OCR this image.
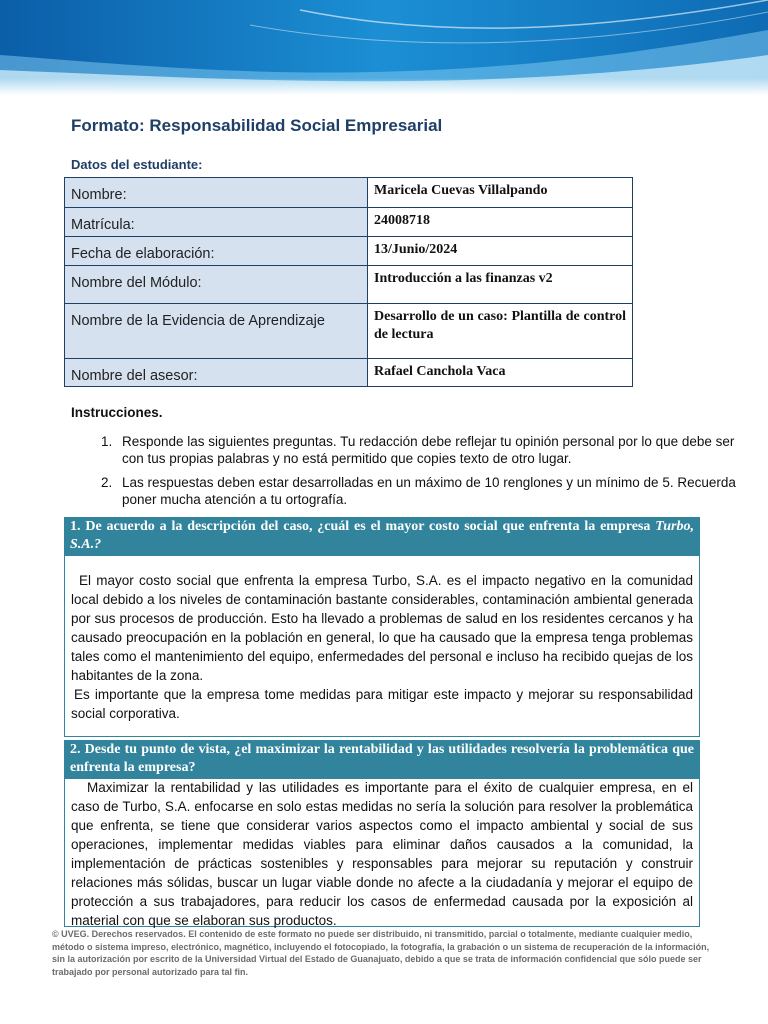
Formato: Responsabilidad Social Empresarial
Datos del estudiante:
Nombre:	Maricela Cuevas Villalpando
Matrícula:	24008718
Fecha de elaboración:	13/Junio/2024
Nombre del Módulo:	Introducción a las finanzas v2
Nombre de la Evidencia de Aprendizaje	Desarrollo de un caso: Plantilla de control de lectura
Nombre del asesor:	Rafael Canchola Vaca
Instrucciones.
1. Responde las siguientes preguntas. Tu redacción debe reflejar tu opinión personal por lo que debe ser con tus propias palabras y no está permitido que copies texto de otro lugar.
2. Las respuestas deben estar desarrolladas en un máximo de 10 renglones y un mínimo de 5. Recuerda poner mucha atención a tu ortografía.
1. De acuerdo a la descripción del caso, ¿cuál es el mayor costo social que enfrenta la empresa Turbo, S.A.?

El mayor costo social que enfrenta la empresa Turbo, S.A. es el impacto negativo en la comunidad local debido a los niveles de contaminación bastante considerables, contaminación ambiental generada por sus procesos de producción. Esto ha llevado a problemas de salud en los residentes cercanos y ha causado preocupación en la población en general, lo que ha causado que la empresa tenga problemas tales como el mantenimiento del equipo, enfermedades del personal e incluso ha recibido quejas de los habitantes de la zona.

Es importante que la empresa tome medidas para mitigar este impacto y mejorar su responsabilidad social corporativa.

2. Desde tu punto de vista, ¿el maximizar la rentabilidad y las utilidades resolvería la problemática que enfrenta la empresa?

Maximizar la rentabilidad y las utilidades es importante para el éxito de cualquier empresa, en el caso de Turbo, S.A. enfocarse en solo estas medidas no sería la solución para resolver la problemática que enfrenta, se tiene que considerar varios aspectos como el impacto ambiental y social de sus operaciones, implementar medidas viables para eliminar daños causados a la comunidad, la implementación de prácticas sostenibles y responsables para mejorar su reputación y construir relaciones más sólidas, buscar un lugar viable donde no afecte a la ciudadanía y mejorar el equipo de protección a sus trabajadores, para reducir los casos de enfermedad causada por la exposición al material con que se elaboran sus productos.

© UVEG. Derechos reservados. El contenido de este formato no puede ser distribuido, ni transmitido, parcial o totalmente, mediante cualquier medio, método o sistema impreso, electrónico, magnético, incluyendo el fotocopiado, la fotografía, la grabación o un sistema de recuperación de la información, sin la autorización por escrito de la Universidad Virtual del Estado de Guanajuato, debido a que se trata de información confidencial que sólo puede ser trabajado por personal autorizado para tal fin.
